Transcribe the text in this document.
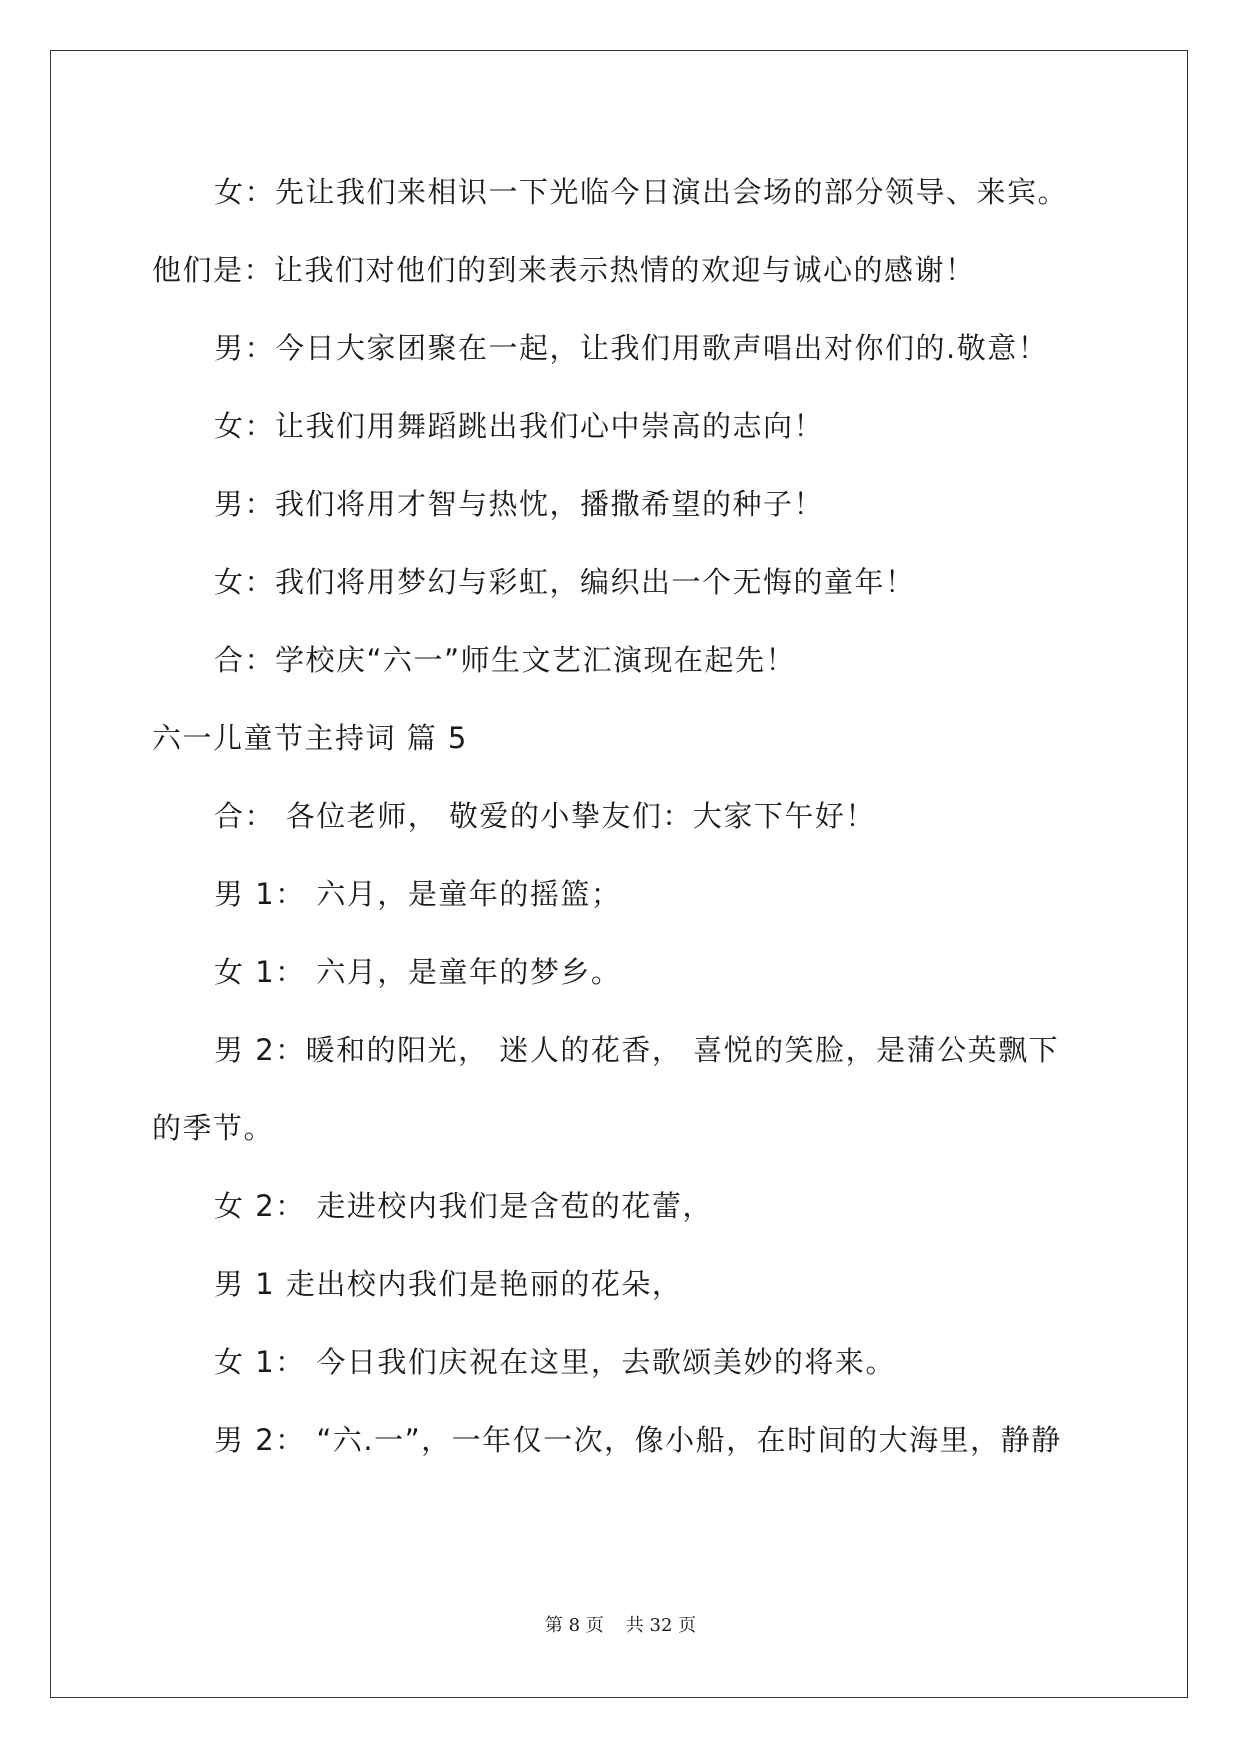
女：先让我们来相识一下光临今日演出会场的部分领导、来宾。
他们是：让我们对他们的到来表示热情的欢迎与诚心的感谢！
男：今日大家团聚在一起，让我们用歌声唱出对你们的.敬意！
女：让我们用舞蹈跳出我们心中崇高的志向！
男：我们将用才智与热忱，播撒希望的种子！
女：我们将用梦幻与彩虹，编织出一个无悔的童年！
合：学校庆“六一”师生文艺汇演现在起先！
六一儿童节主持词 篇 5
合： 各位老师， 敬爱的小挚友们：大家下午好！
男 1： 六月，是童年的摇篮；
女 1： 六月，是童年的梦乡。
男 2：暖和的阳光， 迷人的花香， 喜悦的笑脸，是蒲公英飘下
的季节。
女 2： 走进校内我们是含苞的花蕾，
男 1 走出校内我们是艳丽的花朵，
女 1： 今日我们庆祝在这里，去歌颂美妙的将来。
男 2： “六.一”，一年仅一次，像小船，在时间的大海里，静静
第 8 页 共 32 页
